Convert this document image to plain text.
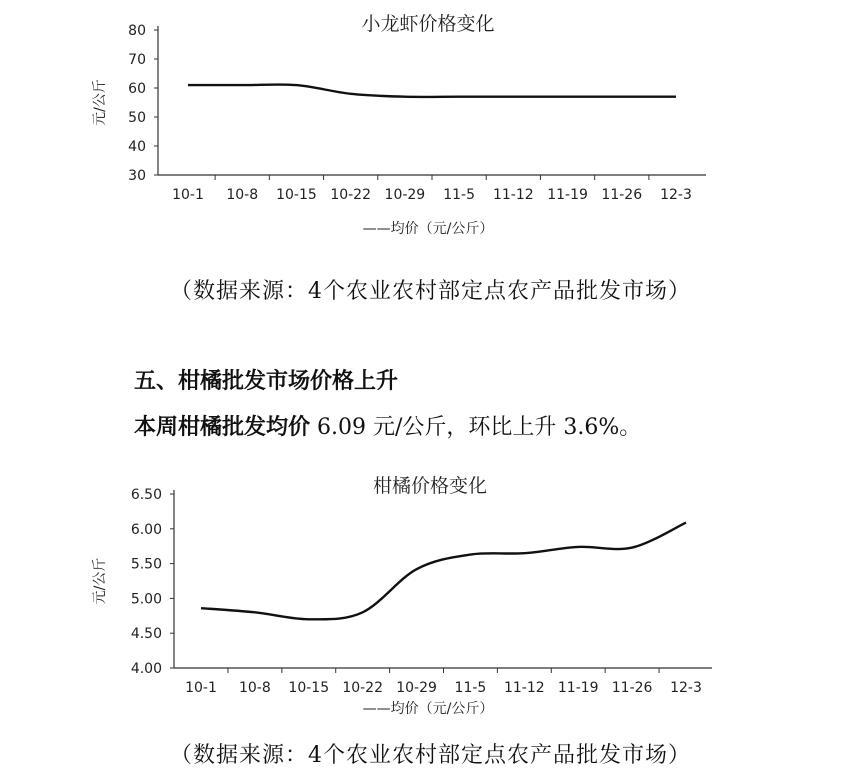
小龙虾价格变化
30
40
50
60
70
80
元/公斤
10-1 10-8 10-15 10-22 10-29 11-5 11-12 11-19 11-26 12-3
——均价（元/公斤）
（数据来源：4个农业农村部定点农产品批发市场）
五、柑橘批发市场价格上升
本周柑橘批发均价 6.09 元/公斤，环比上升 3.6%。
柑橘价格变化
4.00
4.50
5.00
5.50
6.00
6.50
元/公斤
10-1 10-8 10-15 10-22 10-29 11-5 11-12 11-19 11-26 12-3
——均价（元/公斤）
（数据来源：4个农业农村部定点农产品批发市场）
